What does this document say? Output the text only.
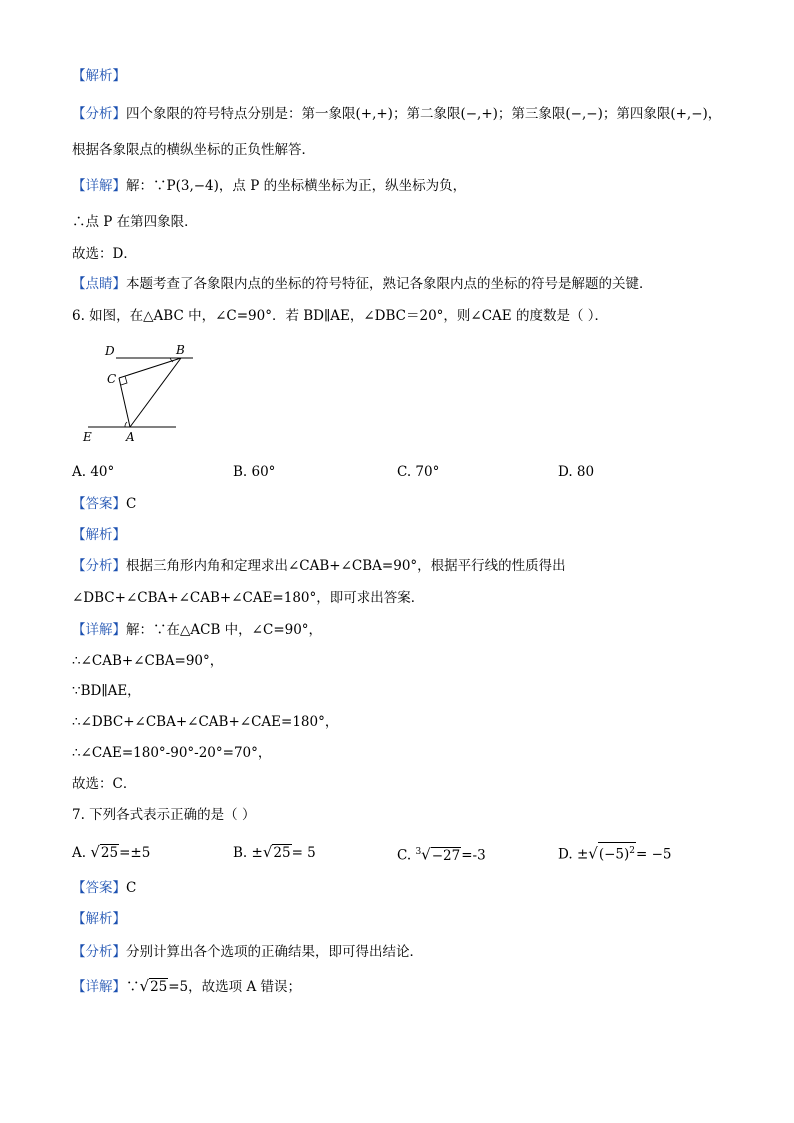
【解析】
【分析】四个象限的符号特点分别是：第一象限(+,+)；第二象限(−,+)；第三象限(−,−)；第四象限(+,−)，
根据各象限点的横纵坐标的正负性解答．
【详解】解：∵P(3,−4)，点 P 的坐标横坐标为正，纵坐标为负，
∴点 P 在第四象限．
故选：D．
【点睛】本题考查了各象限内点的坐标的符号特征，熟记各象限内点的坐标的符号是解题的关键．
6. 如图，在△ABC 中，∠C=90°．若 BD∥AE，∠DBC＝20°，则∠CAE 的度数是（ ）．
D	B
C
E	A
A. 40°	B. 60°	C. 70°	D. 80
【答案】C
【解析】
【分析】根据三角形内角和定理求出∠CAB+∠CBA=90°，根据平行线的性质得出
∠DBC+∠CBA+∠CAB+∠CAE=180°，即可求出答案．
【详解】解：∵在△ACB 中，∠C=90°，
∴∠CAB+∠CBA=90°，
∵BD∥AE，
∴∠DBC+∠CBA+∠CAB+∠CAE=180°，
∴∠CAE=180°-90°-20°=70°，
故选：C．
7. 下列各式表示正确的是（ ）
A. √25=±5	B. ±√25= 5	C. $^3$√−27=-3	D. $\pm√(-5)^2= -5$
【答案】C
【解析】
【分析】分别计算出各个选项的正确结果，即可得出结论．
【详解】∵√25=5，故选项 A 错误；
